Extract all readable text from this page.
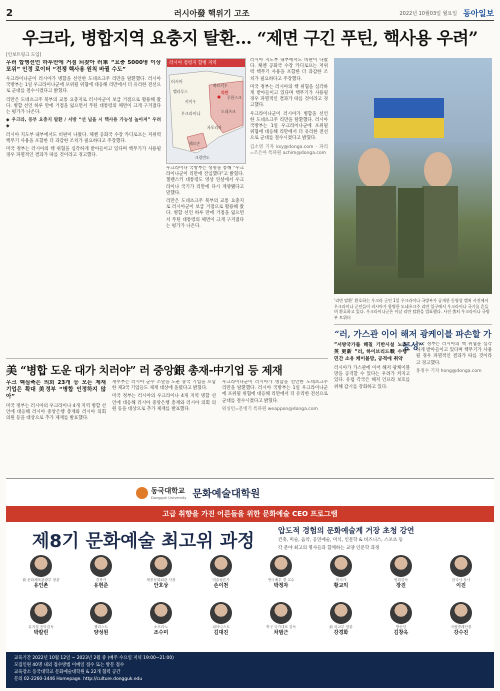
2	러시아發 핵위기 고조	2022년 10월03일 월요일 동아일보
우크라, 병합지역 요충지 탈환… “제면 구긴 푸틴, 핵사용 우려”
[인보트링크 도입]
우러 합병선언 하루만에 거점 되찾아 러軍 “요충 5000명 이상 포위” 인정 로이터 “전쟁 핵사용 원칙 바뀔 수도”

우크라이나군이 러시아가 병합을 선언한 도네츠크주 리만을 탈환했다. 러시아 국방부는 1일 우크라이나군에 포위될 위협에 대응해 리만에서 더 유리한 전선으로 군대를 철수시켰다고 밝혔다.

리만은 도네츠크주 북부의 교통 요충지로 러시아군이 보급 거점으로 활용해 왔다. 병합 선언 하루 만에 거점을 잃으면서 푸틴 대통령의 체면이 크게 구겨졌다는 평가가 나온다.

◆ 우크라, 동부 요충지 탈환 / 서방 “선 넘을 시 핵사용 가능성 높아져” 우려 ◆

러시아 지도부 내부에서도 비판이 나왔다. 체첸 공화국 수장 카디로프는 저위력 핵무기 사용을 포함한 더 과감한 조치가 필요하다고 주장했다.

미국 정부는 러시아의 핵 위협을 심각하게 받아들이고 있다며 핵무기가 사용될 경우 파멸적인 결과가 따를 것이라고 경고했다.

러시아 점령지 합병 지역
러시아
벨라루스
우크라이나
하르키우
루한스크
도네츠크
자포리자
헤르손
리만
크림반도
키이우

우크라이나 국방부는 성명을 통해 “우크라이나군이 리만에 진입했다”고 밝혔다. 젤렌스키 대통령도 영상 연설에서 우크라이나 국기가 리만에 다시 게양됐다고 말했다.

리만은 도네츠크주 북부의 교통 요충지로 러시아군이 보급 거점으로 활용해 왔다. 병합 선언 하루 만에 거점을 잃으면서 푸틴 대통령의 체면이 크게 구겨졌다는 평가가 나온다.

러시아 지도부 내부에서도 비판이 나왔다. 체첸 공화국 수장 카디로프는 저위력 핵무기 사용을 포함한 더 과감한 조치가 필요하다고 주장했다.

미국 정부는 러시아의 핵 위협을 심각하게 받아들이고 있다며 핵무기가 사용될 경우 파멸적인 결과가 따를 것이라고 경고했다.

우크라이나군이 러시아가 병합을 선언한 도네츠크주 리만을 탈환했다. 러시아 국방부는 1일 우크라이나군에 포위될 위협에 대응해 리만에서 더 유리한 전선으로 군대를 철수시켰다고 밝혔다.

김소영 기자 ksy@donga.com · 파리=조은아 특파원 achim@donga.com

‘리만 탈환’ 환호하는 우크라 군인 1일 우크라이나 국방부가 공개한 동영상 캡처 사진에서 우크라이나 군인들이 러시아가 합병한 도네츠크주 리만 입구에서 우크라이나 국기를 흔들며 환호하고 있다. 우크라이나군은 이날 리만 탈환을 발표했다. 사진 출처 우크라이나 국방부 트위터
“러, 가스관 이어 해저 광케이블 파손할 가능성”
“서방국가를 해칠 기반시설 노려” 英 更新 “러, 하이브리드戰 수행” 민간 소유 케이블망, 공격에 취약

러시아가 가스관에 이어 해저 광케이블망을 공격할 수 있다는 우려가 커지고 있다. 유럽 각국은 해저 인프라 보호를 위해 감시를 강화하고 있다.

미국 정부는 러시아의 핵 위협을 심각하게 받아들이고 있다며 핵무기가 사용될 경우 파멸적인 결과가 따를 것이라고 경고했다.

홍정수 기자 hong@donga.com

美 “병합 도운 대가 치러야” 러 중앙銀 총재-中기업 등 제재
우크 핵심축은 의회 23개 등 모든 제재 기업은 확대 美정부 “병합 인정하지 않아”

미국 정부는 러시아의 우크라이나 4개 지역 병합 선언에 대응해 러시아 중앙은행 총재와 러시아 의회 의원 등을 대상으로 추가 제재를 발표했다.

재무부는 러시아 군수 조달을 도운 중국 기업을 포함한 제3국 기업들도 제재 대상에 올렸다고 밝혔다.

미국 정부는 러시아의 우크라이나 4개 지역 병합 선언에 대응해 러시아 중앙은행 총재와 러시아 의회 의원 등을 대상으로 추가 제재를 발표했다.

우크라이나군이 러시아가 병합을 선언한 도네츠크주 리만을 탈환했다. 러시아 국방부는 1일 우크라이나군에 포위될 위협에 대응해 리만에서 더 유리한 전선으로 군대를 철수시켰다고 밝혔다.

워싱턴=문병기 특파원 weappon@donga.com

동국대학교
Dongguk University 문화예술대학원
고급 취향을 가진 어른들을 위한 문화예술 CEO 프로그램
제8기 문화예술 최고위 과정
압도적 경험의 문화예술계 거장 초청 강연
건축, 미술, 음악, 공연예술, 미식, 인문학 & 비즈니스, 스포츠 등
각 분야 최고의 명사들과 함께하는 교양 인문학 과정
前 문화체육관광부 장관
유인촌
건축가
유현준
세종문화회관 사장
안호상
미술평론가
손이천
연극배우 겸 교수
박정자
미식가
황교익
영화감독
장진
한국사 강사
이진
뮤지컬 음악감독
박칼린
첼리스트
양성원
소프라노
조수미
피아니스트
김대진
축구 국가대표 감독
차범근
前 외교부 장관
강경화
방송인
김창옥
국립발레단장
강수진
교육기간 2022년 10월 12일 ~ 2023년 2월 중 (매주 수요일 저녁 19:00~21:00)
모집인원 40명 내외 접수방법 이메일 접수 또는 방문 접수
교육장소 동국대학교 문화예술대학원 & 22개 협력 공간
문의 02-2260-3446 Homepage. http://culture.dongguk.edu
